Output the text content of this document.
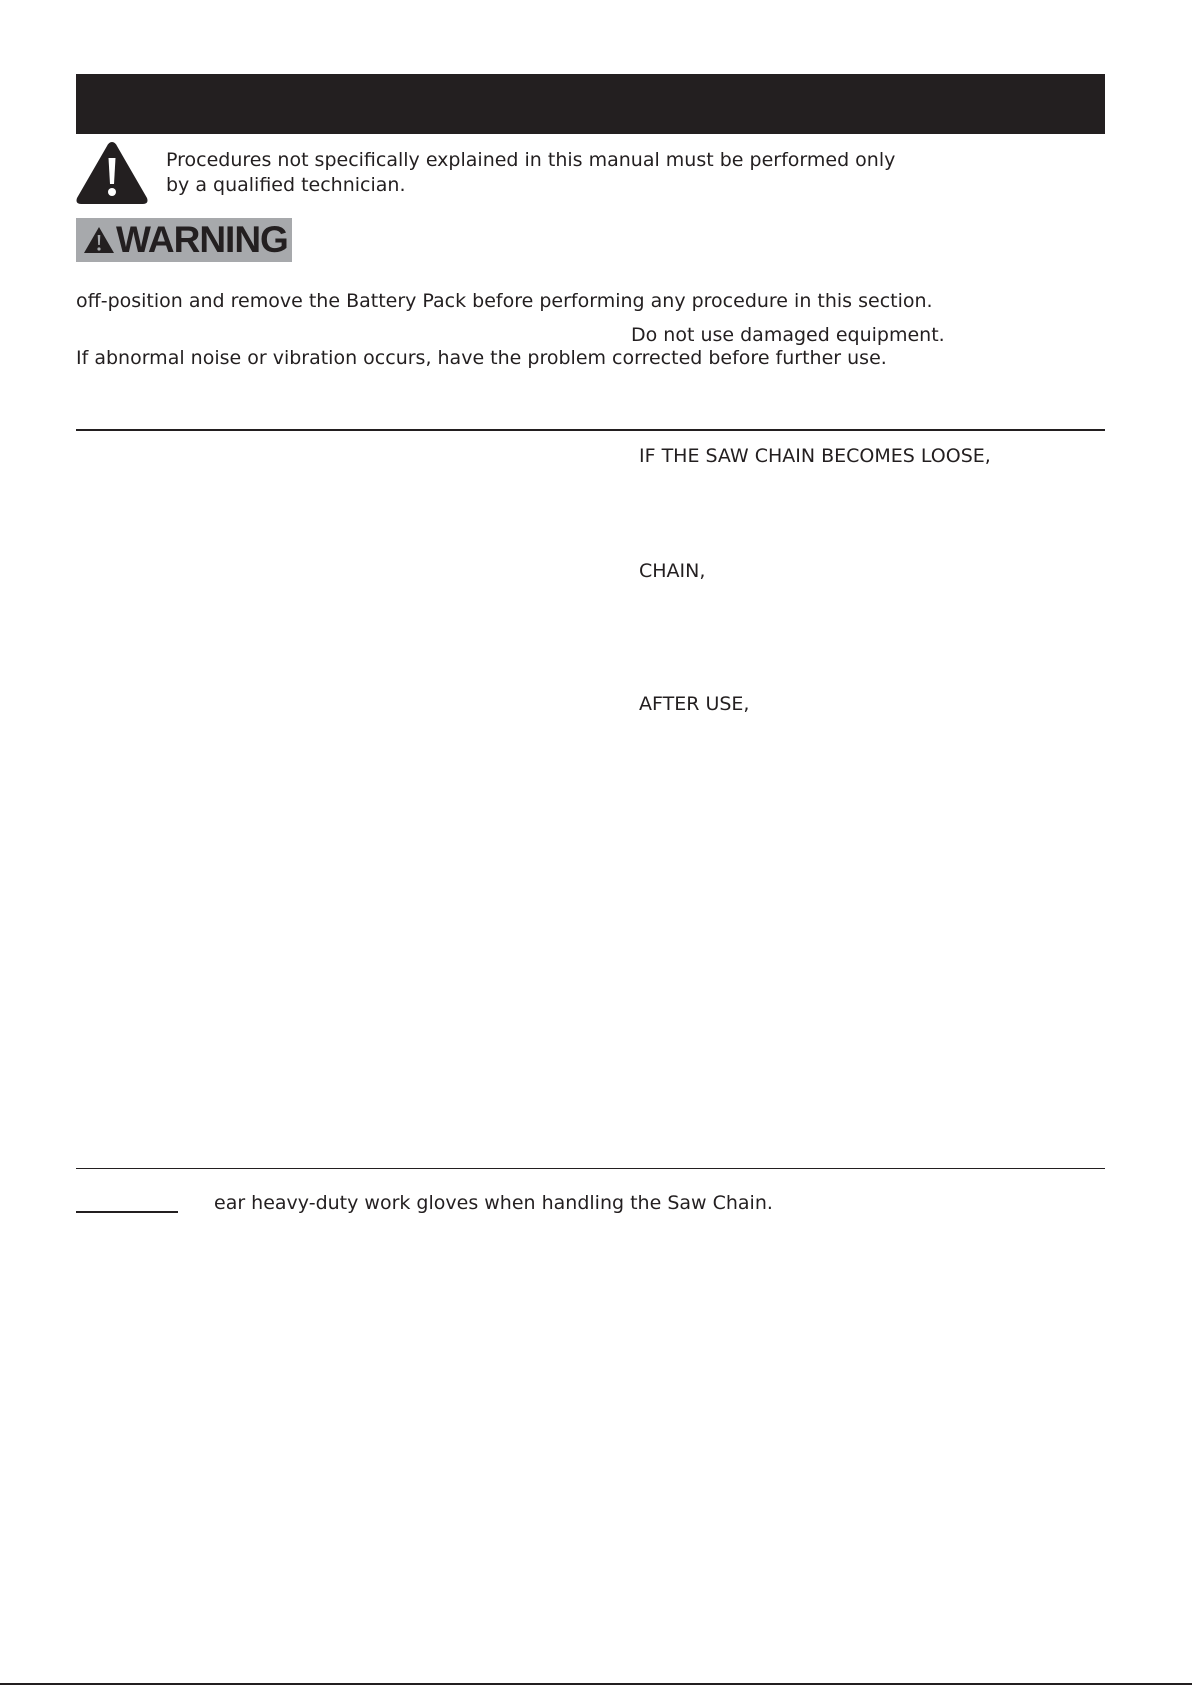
Procedures not specifically explained in this manual must be performed only
by a qualified technician.
WARNING
off-position and remove the Battery Pack before performing any procedure in this section.
Do not use damaged equipment.
If abnormal noise or vibration occurs, have the problem corrected before further use.
IF THE SAW CHAIN BECOMES LOOSE,
CHAIN,
AFTER USE,
ear heavy-duty work gloves when handling the Saw Chain.
